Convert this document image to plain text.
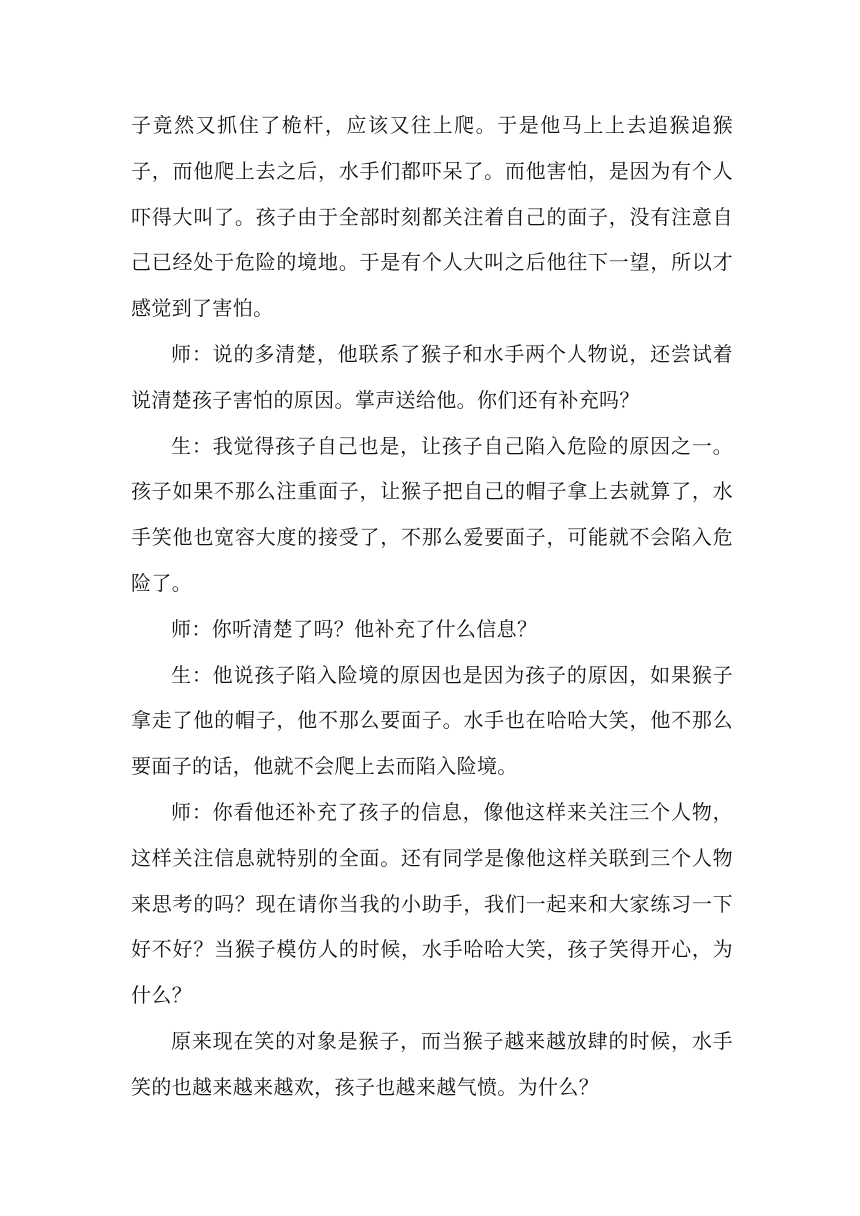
子竟然又抓住了桅杆，应该又往上爬。于是他马上上去追猴追猴子，而他爬上去之后，水手们都吓呆了。而他害怕，是因为有个人吓得大叫了。孩子由于全部时刻都关注着自己的面子，没有注意自己已经处于危险的境地。于是有个人大叫之后他往下一望，所以才感觉到了害怕。

师：说的多清楚，他联系了猴子和水手两个人物说，还尝试着说清楚孩子害怕的原因。掌声送给他。你们还有补充吗？

生：我觉得孩子自己也是，让孩子自己陷入危险的原因之一。孩子如果不那么注重面子，让猴子把自己的帽子拿上去就算了，水手笑他也宽容大度的接受了，不那么爱要面子，可能就不会陷入危险了。

师：你听清楚了吗？他补充了什么信息？

生：他说孩子陷入险境的原因也是因为孩子的原因，如果猴子拿走了他的帽子，他不那么要面子。水手也在哈哈大笑，他不那么要面子的话，他就不会爬上去而陷入险境。

师：你看他还补充了孩子的信息，像他这样来关注三个人物，这样关注信息就特别的全面。还有同学是像他这样关联到三个人物来思考的吗？现在请你当我的小助手，我们一起来和大家练习一下好不好？当猴子模仿人的时候，水手哈哈大笑，孩子笑得开心，为什么？

原来现在笑的对象是猴子，而当猴子越来越放肆的时候，水手笑的也越来越来越欢，孩子也越来越气愤。为什么？
